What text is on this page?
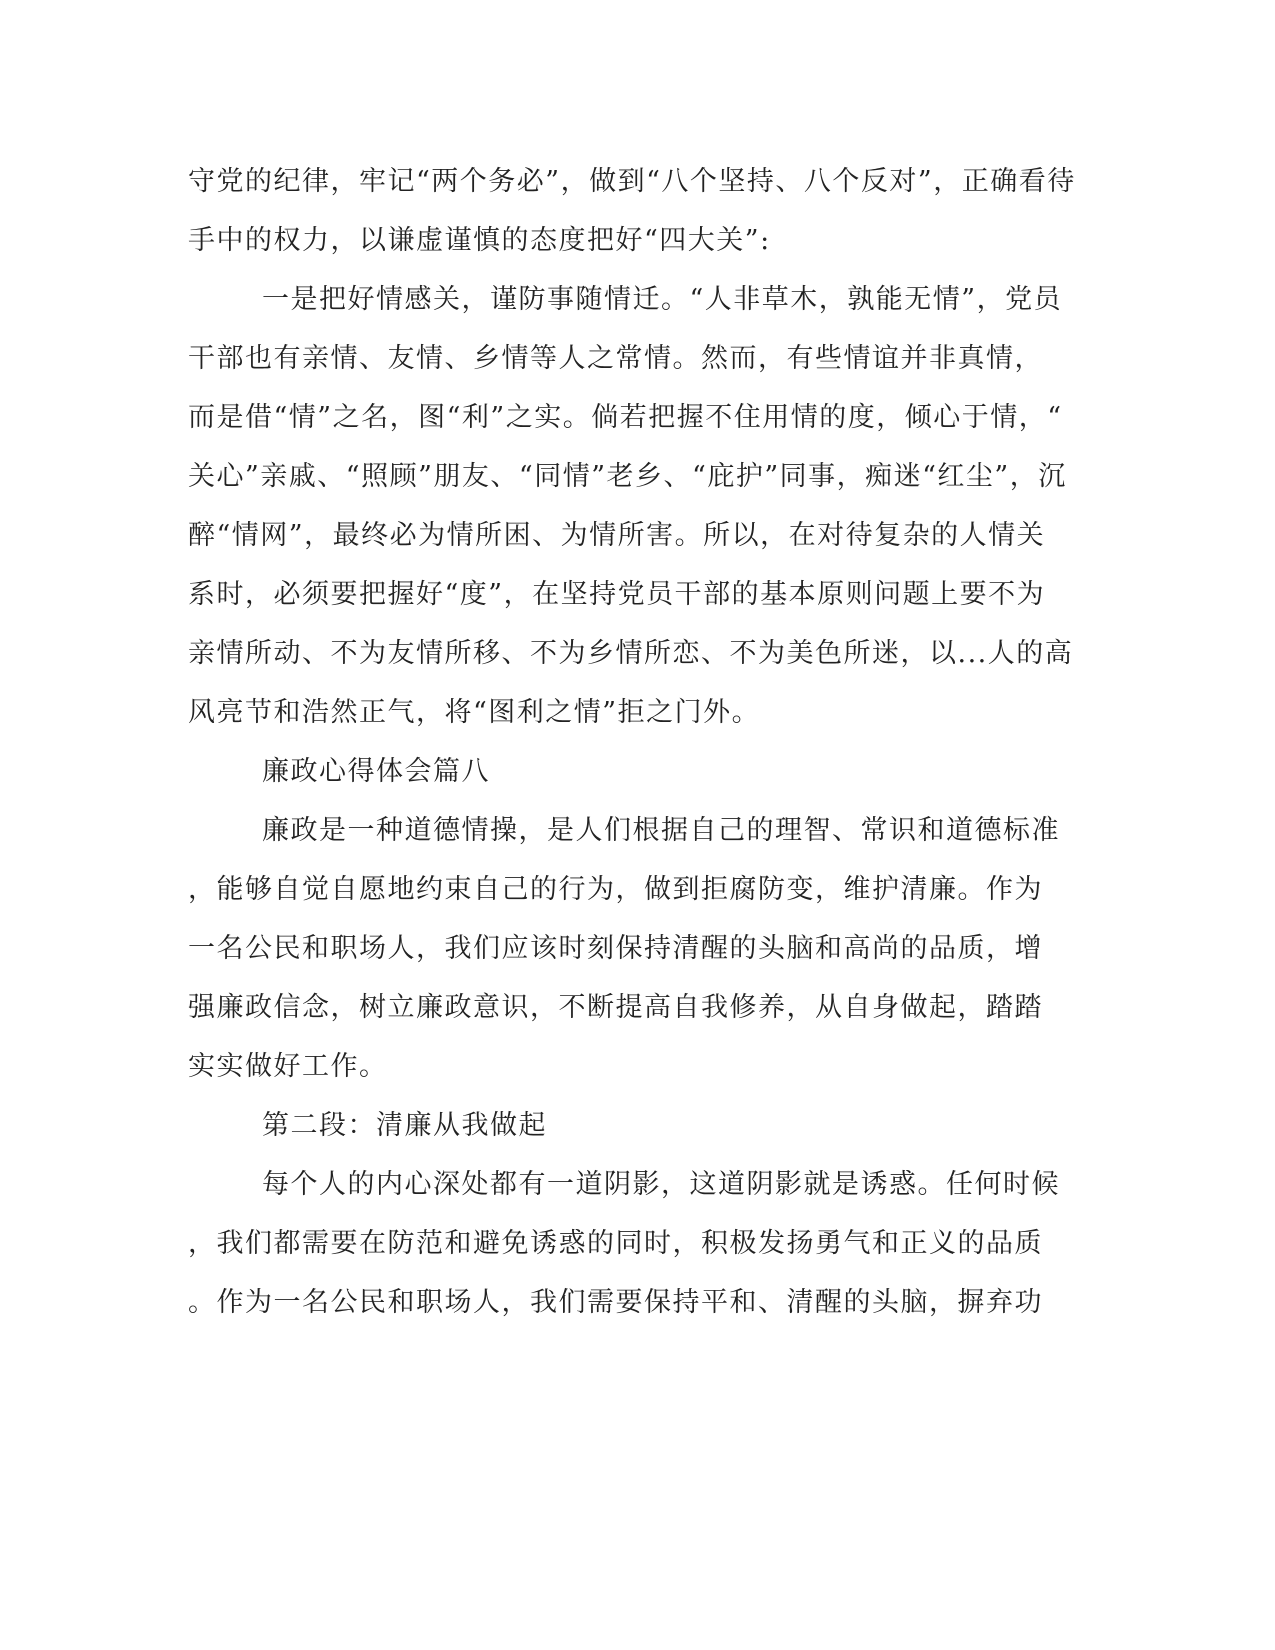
守党的纪律，牢记“两个务必”，做到“八个坚持、八个反对”，正确看待
手中的权力，以谦虚谨慎的态度把好“四大关”:
一是把好情感关，谨防事随情迁。“人非草木，孰能无情”，党员
干部也有亲情、友情、乡情等人之常情。然而，有些情谊并非真情，
而是借“情”之名，图“利”之实。倘若把握不住用情的度，倾心于情，“
关心”亲戚、“照顾”朋友、“同情”老乡、“庇护”同事，痴迷“红尘”，沉
醉“情网”，最终必为情所困、为情所害。所以，在对待复杂的人情关
系时，必须要把握好“度”，在坚持党员干部的基本原则问题上要不为
亲情所动、不为友情所移、不为乡情所恋、不为美色所迷，以...人的高
风亮节和浩然正气，将“图利之情”拒之门外。
廉政心得体会篇八
廉政是一种道德情操，是人们根据自己的理智、常识和道德标准
，能够自觉自愿地约束自己的行为，做到拒腐防变，维护清廉。作为
一名公民和职场人，我们应该时刻保持清醒的头脑和高尚的品质，增
强廉政信念，树立廉政意识，不断提高自我修养，从自身做起，踏踏
实实做好工作。
第二段：清廉从我做起
每个人的内心深处都有一道阴影，这道阴影就是诱惑。任何时候
，我们都需要在防范和避免诱惑的同时，积极发扬勇气和正义的品质
。作为一名公民和职场人，我们需要保持平和、清醒的头脑，摒弃功
